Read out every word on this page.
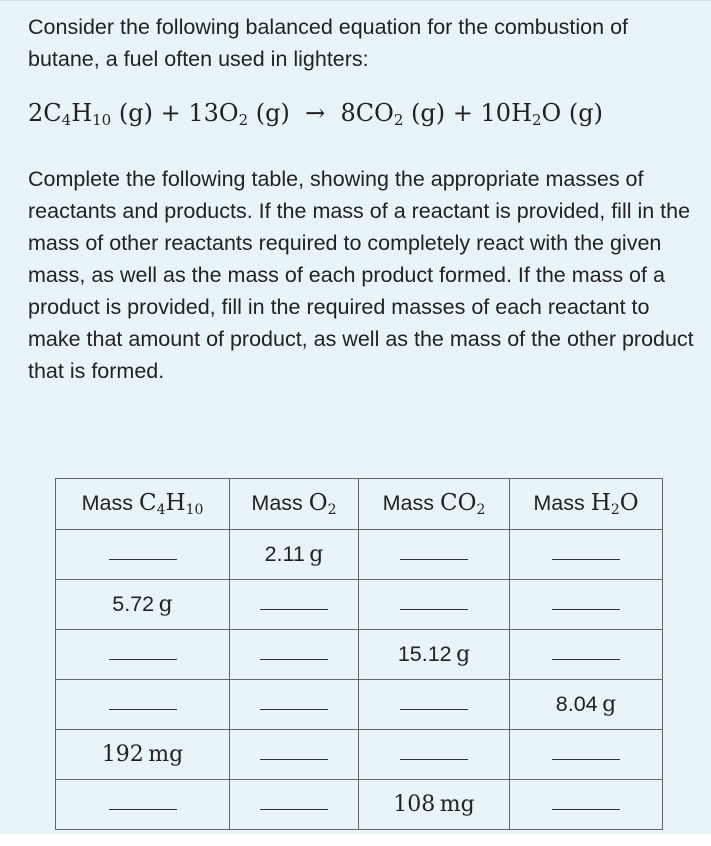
Consider the following balanced equation for the combustion of butane, a fuel often used in lighters:
$2C_4H_{10}$ $(g) + 13O_2$ $(g) \to 8CO_2$ $(g) + 10H_2O$ (g)
Complete the following table, showing the appropriate masses of reactants and products. If the mass of a reactant is provided, fill in the mass of other reactants required to completely react with the given mass, as well as the mass of each product formed. If the mass of a product is provided, fill in the required masses of each reactant to make that amount of product, as well as the mass of the other product that is formed.
Mass $C_4H_{10}$	Mass $O_2$	Mass $CO_2$	Mass $H_2O$
	2.11 g		
5.72 g			
		15.12 g	
			8.04 g
192 mg			
		108 mg	
